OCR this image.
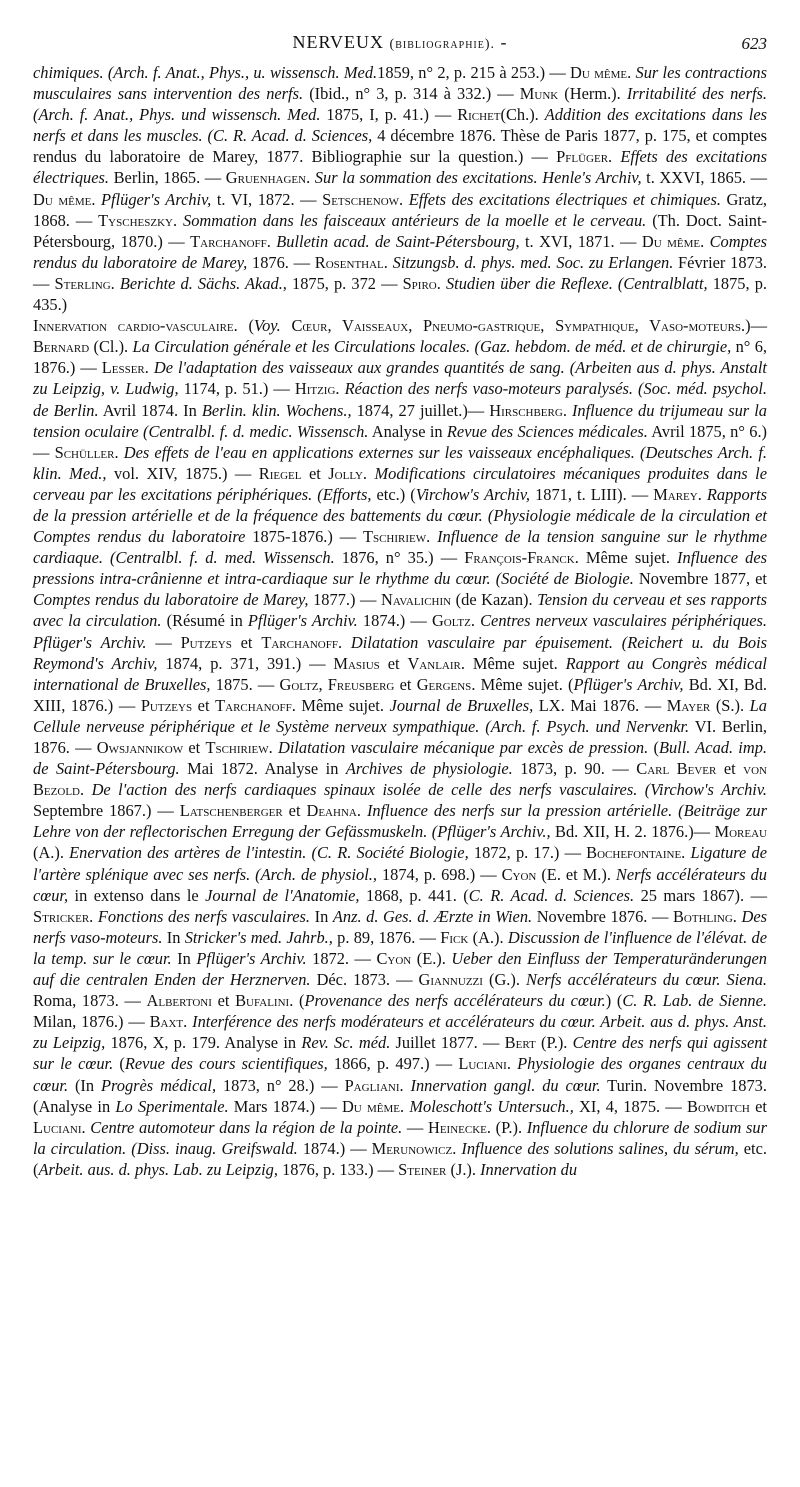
NERVEUX (bibliographie). -	623

chimiques. (Arch. f. Anat., Phys., u. wissensch. Med.1859, n° 2, p. 215 à 253.) — Du même. Sur les contractions musculaires sans intervention des nerfs. (Ibid., n° 3, p. 314 à 332.) — Munk (Herm.). Irritabilité des nerfs. (Arch. f. Anat., Phys. und wissensch. Med. 1875, I, p. 41.) — Richet(Ch.). Addition des excitations dans les nerfs et dans les muscles. (C. R. Acad. d. Sciences, 4 décembre 1876. Thèse de Paris 1877, p. 175, et comptes rendus du laboratoire de Marey, 1877. Bibliographie sur la question.) — Pflüger. Effets des excitations électriques. Berlin, 1865. — Gruenhagen. Sur la sommation des excitations. Henle's Archiv, t. XXVI, 1865. — Du même. Pflüger's Archiv, t. VI, 1872. — Setschenow. Effets des excitations électriques et chimiques. Gratz, 1868. — Tyscheszky. Sommation dans les faisceaux antérieurs de la moelle et le cerveau. (Th. Doct. Saint-Pétersbourg, 1870.) — Tarchanoff. Bulletin acad. de Saint-Pétersbourg, t. XVI, 1871. — Du même. Comptes rendus du laboratoire de Marey, 1876. — Rosenthal. Sitzungsb. d. phys. med. Soc. zu Erlangen. Février 1873. — Sterling. Berichte d. Sächs. Akad., 1875, p. 372 — Spiro. Studien über die Reflexe. (Centralblatt, 1875, p. 435.)

Innervation cardio-vasculaire. (Voy. Cœur, Vaisseaux, Pneumo-gastrique, Sympathique, Vaso-moteurs.)— Bernard (Cl.). La Circulation générale et les Circulations locales. (Gaz. hebdom. de méd. et de chirurgie, n° 6, 1876.) — Lesser. De l'adaptation des vaisseaux aux grandes quantités de sang. (Arbeiten aus d. phys. Anstalt zu Leipzig, v. Ludwig, 1174, p. 51.) — Hitzig. Réaction des nerfs vaso-moteurs paralysés. (Soc. méd. psychol. de Berlin. Avril 1874. In Berlin. klin. Wochens., 1874, 27 juillet.)— Hirschberg. Influence du trijumeau sur la tension oculaire (Centralbl. f. d. medic. Wissensch. Analyse in Revue des Sciences médicales. Avril 1875, n° 6.) — Schüller. Des effets de l'eau en applications externes sur les vaisseaux encéphaliques. (Deutsches Arch. f. klin. Med., vol. XIV, 1875.) — Riegel et Jolly. Modifications circulatoires mécaniques produites dans le cerveau par les excitations périphériques. (Efforts, etc.) (Virchow's Archiv, 1871, t. LIII). — Marey. Rapports de la pression artérielle et de la fréquence des battements du cœur. (Physiologie médicale de la circulation et Comptes rendus du laboratoire 1875-1876.) — Tschiriew. Influence de la tension sanguine sur le rhythme cardiaque. (Centralbl. f. d. med. Wissensch. 1876, n° 35.) — François-Franck. Même sujet. Influence des pressions intra-crânienne et intra-cardiaque sur le rhythme du cœur. (Société de Biologie. Novembre 1877, et Comptes rendus du laboratoire de Marey, 1877.) — Navalichin (de Kazan). Tension du cerveau et ses rapports avec la circulation. (Résumé in Pflüger's Archiv. 1874.) — Goltz. Centres nerveux vasculaires périphériques. Pflüger's Archiv. — Putzeys et Tarchanoff. Dilatation vasculaire par épuisement. (Reichert u. du Bois Reymond's Archiv, 1874, p. 371, 391.) — Masius et Vanlair. Même sujet. Rapport au Congrès médical international de Bruxelles, 1875. — Goltz, Freusberg et Gergens. Même sujet. (Pflüger's Archiv, Bd. XI, Bd. XIII, 1876.) — Putzeys et Tarchanoff. Même sujet. Journal de Bruxelles, LX. Mai 1876. — Mayer (S.). La Cellule nerveuse périphérique et le Système nerveux sympathique. (Arch. f. Psych. und Nervenkr. VI. Berlin, 1876. — Owsjannikow et Tschiriew. Dilatation vasculaire mécanique par excès de pression. (Bull. Acad. imp. de Saint-Pétersbourg. Mai 1872. Analyse in Archives de physiologie. 1873, p. 90. — Carl Bever et von Bezold. De l'action des nerfs cardiaques spinaux isolée de celle des nerfs vasculaires. (Virchow's Archiv. Septembre 1867.) — Latschenberger et Deahna. Influence des nerfs sur la pression artérielle. (Beiträge zur Lehre von der reflectorischen Erregung der Gefässmuskeln. (Pflüger's Archiv., Bd. XII, H. 2. 1876.)— Moreau (A.). Enervation des artères de l'intestin. (C. R. Société Biologie, 1872, p. 17.) — Bochefontaine. Ligature de l'artère splénique avec ses nerfs. (Arch. de physiol., 1874, p. 698.) — Cyon (E. et M.). Nerfs accélérateurs du cœur, in extenso dans le Journal de l'Anatomie, 1868, p. 441. (C. R. Acad. d. Sciences. 25 mars 1867). — Stricker. Fonctions des nerfs vasculaires. In Anz. d. Ges. d. Ærzte in Wien. Novembre 1876. — Bothling. Des nerfs vaso-moteurs. In Stricker's med. Jahrb., p. 89, 1876. — Fick (A.). Discussion de l'influence de l'élévat. de la temp. sur le cœur. In Pflüger's Archiv. 1872. — Cyon (E.). Ueber den Einfluss der Temperaturänderungen auf die centralen Enden der Herznerven. Déc. 1873. — Giannuzzi (G.). Nerfs accélérateurs du cœur. Siena. Roma, 1873. — Albertoni et Bufalini. (Provenance des nerfs accélérateurs du cœur.) (C. R. Lab. de Sienne. Milan, 1876.) — Baxt. Interférence des nerfs modérateurs et accélérateurs du cœur. Arbeit. aus d. phys. Anst. zu Leipzig, 1876, X, p. 179. Analyse in Rev. Sc. méd. Juillet 1877. — Bert (P.). Centre des nerfs qui agissent sur le cœur. (Revue des cours scientifiques, 1866, p. 497.) — Luciani. Physiologie des organes centraux du cœur. (In Progrès médical, 1873, n° 28.) — Pagliani. Innervation gangl. du cœur. Turin. Novembre 1873. (Analyse in Lo Sperimentale. Mars 1874.) — Du même. Moleschott's Untersuch., XI, 4, 1875. — Bowditch et Luciani. Centre automoteur dans la région de la pointe. — Heinecke. (P.). Influence du chlorure de sodium sur la circulation. (Diss. inaug. Greifswald. 1874.) — Merunowicz. Influence des solutions salines, du sérum, etc. (Arbeit. aus. d. phys. Lab. zu Leipzig, 1876, p. 133.) — Steiner (J.). Innervation du
